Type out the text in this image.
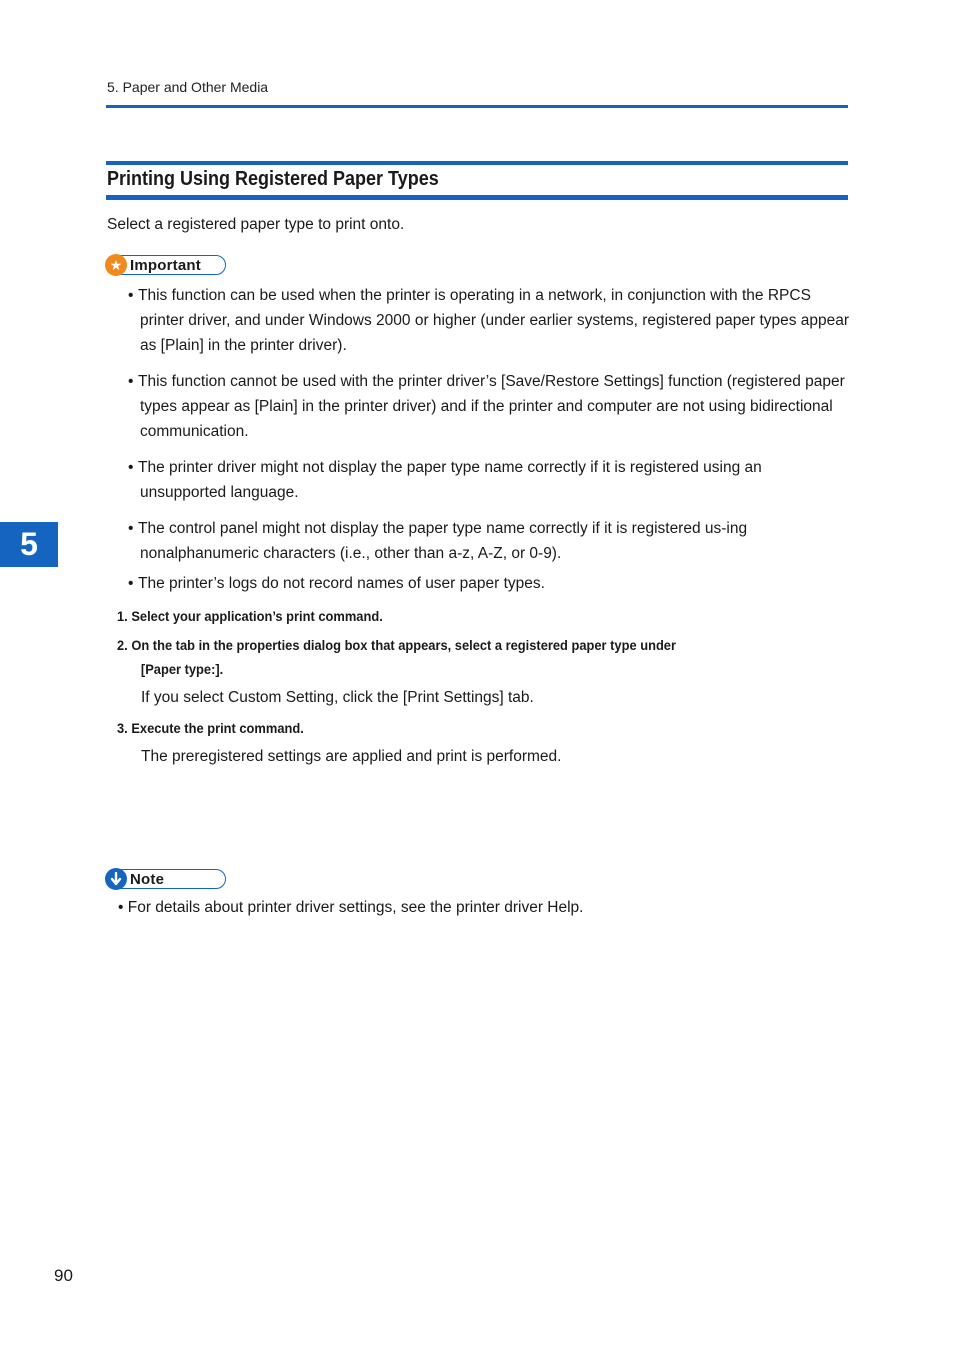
5. Paper and Other Media
Printing Using Registered Paper Types
Select a registered paper type to print onto.
★ Important
• This function can be used when the printer is operating in a network, in conjunction with the RPCS printer driver, and under Windows 2000 or higher (under earlier systems, registered paper types appear as [Plain] in the printer driver).
• This function cannot be used with the printer driver’s [Save/Restore Settings] function (registered paper types appear as [Plain] in the printer driver) and if the printer and computer are not using bidirectional communication.
• The printer driver might not display the paper type name correctly if it is registered using an unsupported language.
• The control panel might not display the paper type name correctly if it is registered us-ing nonalphanumeric characters (i.e., other than a-z, A-Z, or 0-9).
• The printer’s logs do not record names of user paper types.
1. Select your application’s print command.
2. On the tab in the properties dialog box that appears, select a registered paper type under
[Paper type:].
If you select Custom Setting, click the [Print Settings] tab.
3. Execute the print command.
The preregistered settings are applied and print is performed.
Note
• For details about printer driver settings, see the printer driver Help.
5
90
